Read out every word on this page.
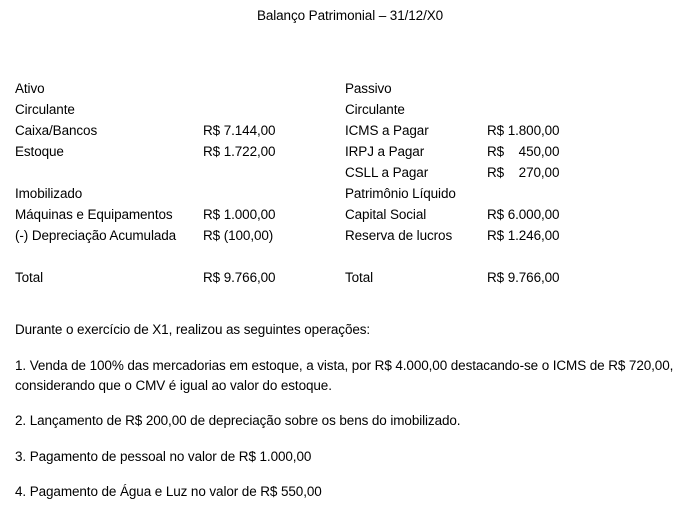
Balanço Patrimonial – 31/12/X0
Ativo
Circulante
Caixa/Bancos
Estoque
Imobilizado
Máquinas e Equipamentos
(-) Depreciação Acumulada
Total
R$ 7.144,00
R$ 1.722,00
R$ 1.000,00
R$ (100,00)
R$ 9.766,00
Passivo
Circulante
ICMS a Pagar
IRPJ a Pagar
CSLL a Pagar
Patrimônio Líquido
Capital Social
Reserva de lucros
Total
R$ 1.800,00
R$    450,00
R$    270,00
R$ 6.000,00
R$ 1.246,00
R$ 9.766,00
Durante o exercício de X1, realizou as seguintes operações:
1. Venda de 100% das mercadorias em estoque, a vista, por R$ 4.000,00 destacando-se o ICMS de R$ 720,00,
considerando que o CMV é igual ao valor do estoque.
2. Lançamento de R$ 200,00 de depreciação sobre os bens do imobilizado.
3. Pagamento de pessoal no valor de R$ 1.000,00
4. Pagamento de Água e Luz no valor de R$ 550,00
